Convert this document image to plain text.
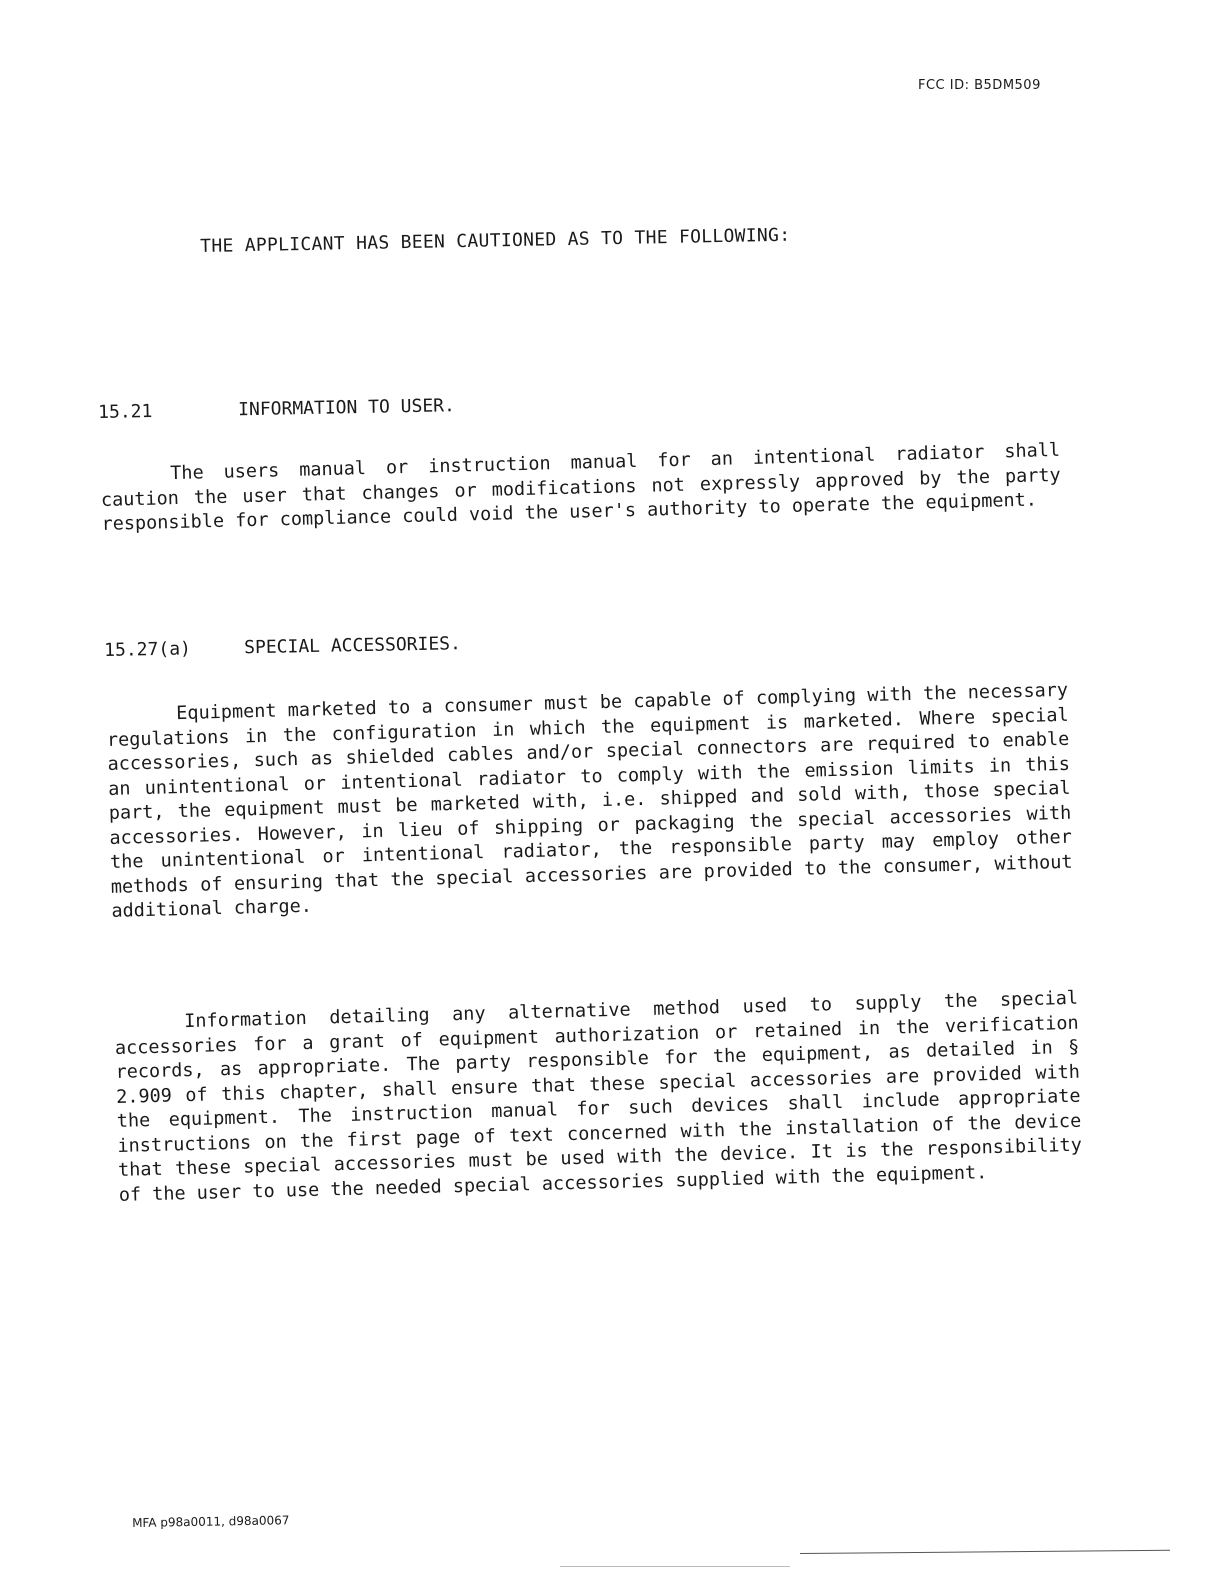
FCC ID: B5DM509
THE APPLICANT HAS BEEN CAUTIONED AS TO THE FOLLOWING:
15.21	INFORMATION TO USER.

The users manual or instruction manual for an intentional radiator shall caution the user that changes or modifications not expressly approved by the party responsible for compliance could void the user's authority to operate the equipment.

15.27(a)	SPECIAL ACCESSORIES.

Equipment marketed to a consumer must be capable of complying with the necessary regulations in the configuration in which the equipment is marketed. Where special accessories, such as shielded cables and/or special connectors are required to enable an unintentional or intentional radiator to comply with the emission limits in this part, the equipment must be marketed with, i.e. shipped and sold with, those special accessories. However, in lieu of shipping or packaging the special accessories with the unintentional or intentional radiator, the responsible party may employ other methods of ensuring that the special accessories are provided to the consumer, without additional charge.

Information detailing any alternative method used to supply the special accessories for a grant of equipment authorization or retained in the verification records, as appropriate. The party responsible for the equipment, as detailed in § 2.909 of this chapter, shall ensure that these special accessories are provided with the equipment. The instruction manual for such devices shall include appropriate instructions on the first page of text concerned with the installation of the device that these special accessories must be used with the device. It is the responsibility of the user to use the needed special accessories supplied with the equipment.

MFA p98a0011, d98a0067
